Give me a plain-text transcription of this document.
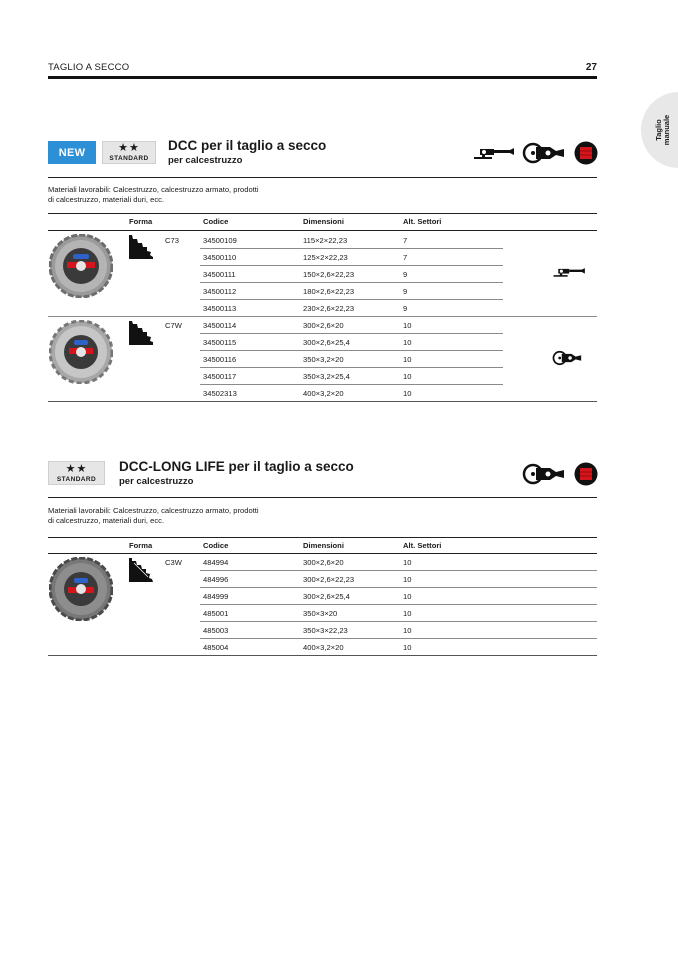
TAGLIO A SECCO	27
Taglio
manuale
NEW	★★
STANDARD
DCC per il taglio a secco
per calcestruzzo
Materiali lavorabili: Calcestruzzo, calcestruzzo armato, prodotti
di calcestruzzo, materiali duri, ecc.
Forma	Codice	Dimensioni	Alt. Settori
C73	34500109	115×2×22,23	7
34500110	125×2×22,23	7
34500111	150×2,6×22,23	9
34500112	180×2,6×22,23	9
34500113	230×2,6×22,23	9
C7W	34500114	300×2,6×20	10
34500115	300×2,6×25,4	10
34500116	350×3,2×20	10
34500117	350×3,2×25,4	10
34502313	400×3,2×20	10
★★
STANDARD
DCC-LONG LIFE per il taglio a secco
per calcestruzzo
Materiali lavorabili: Calcestruzzo, calcestruzzo armato, prodotti
di calcestruzzo, materiali duri, ecc.
Forma	Codice	Dimensioni	Alt. Settori
C3W	484994	300×2,6×20	10
484996	300×2,6×22,23	10
484999	300×2,6×25,4	10
485001	350×3×20	10
485003	350×3×22,23	10
485004	400×3,2×20	10
